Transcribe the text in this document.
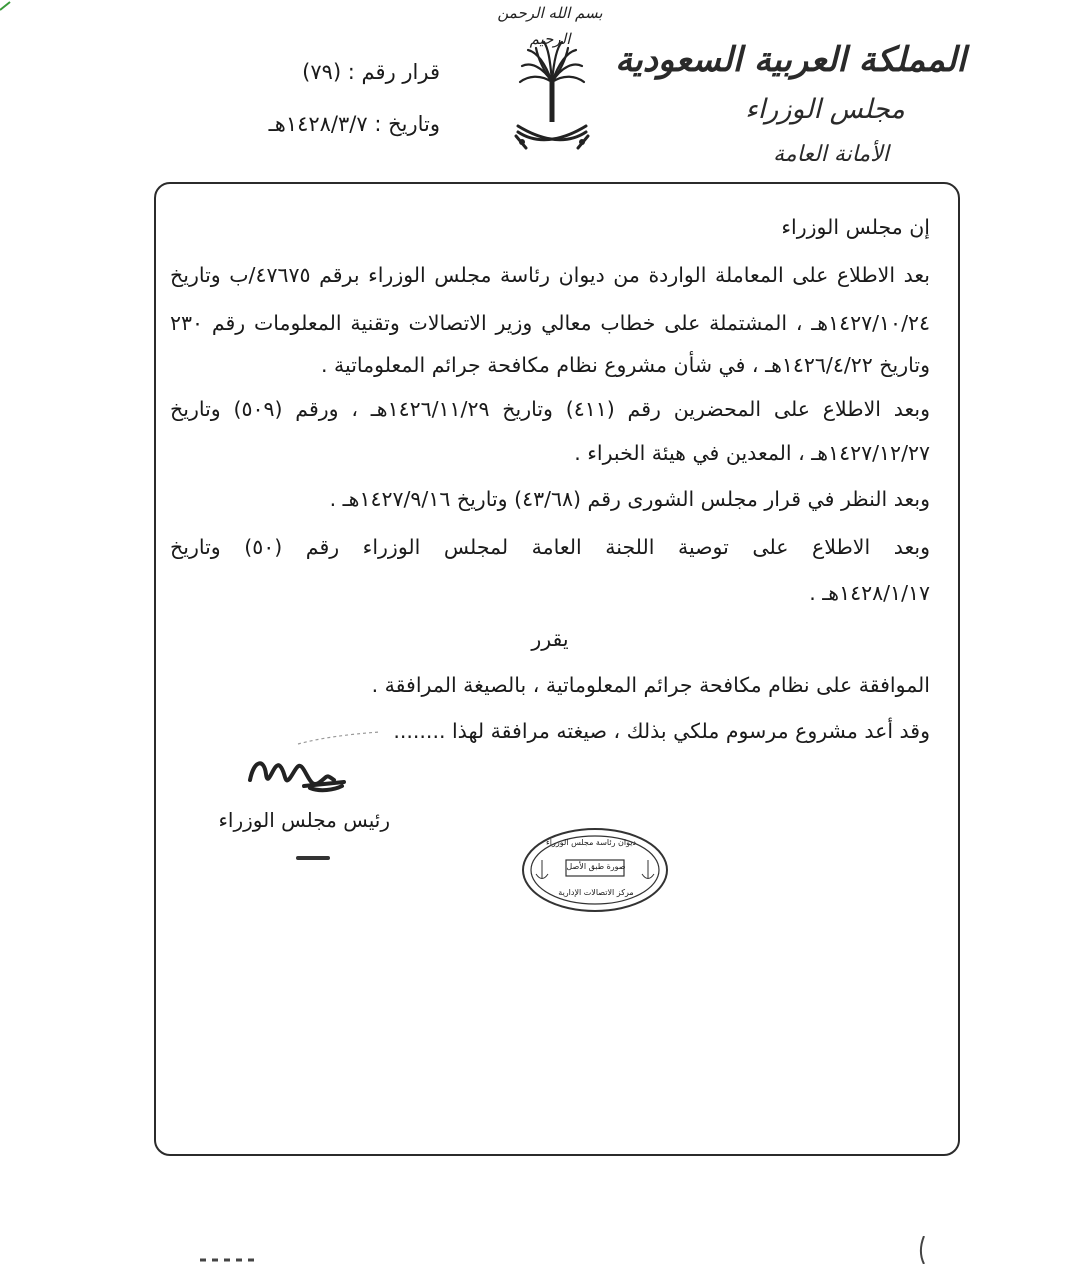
بسم الله الرحمن الرحيم
المملكة العربية السعودية
مجلس الوزراء
الأمانة العامة
قرار رقم : (٧٩)
وتاريخ : ١٤٢٨/٣/٧هـ
إن مجلس الوزراء
بعد الاطلاع على المعاملة الواردة من ديوان رئاسة مجلس الوزراء برقم ٤٧٦٧٥/ب وتاريخ
١٤٢٧/١٠/٢٤هـ ، المشتملة على خطاب معالي وزير الاتصالات وتقنية المعلومات رقم ٢٣٠
وتاريخ ١٤٢٦/٤/٢٢هـ ، في شأن مشروع نظام مكافحة جرائم المعلوماتية .
وبعد الاطلاع على المحضرين رقم (٤١١) وتاريخ ١٤٢٦/١١/٢٩هـ ، ورقم (٥٠٩) وتاريخ
١٤٢٧/١٢/٢٧هـ ، المعدين في هيئة الخبراء .
وبعد النظر في قرار مجلس الشورى رقم (٤٣/٦٨) وتاريخ ١٤٢٧/٩/١٦هـ .
وبعد الاطلاع على توصية اللجنة العامة لمجلس الوزراء رقم (٥٠) وتاريخ
١٤٢٨/١/١٧هـ .
يقرر
الموافقة على نظام مكافحة جرائم المعلوماتية ، بالصيغة المرافقة .
وقد أعد مشروع مرسوم ملكي بذلك ، صيغته مرافقة لهذا ........
رئيس مجلس الوزراء
ديوان رئاسة مجلس الوزراء
صورة طبق الأصل
مركز الاتصالات الإدارية
